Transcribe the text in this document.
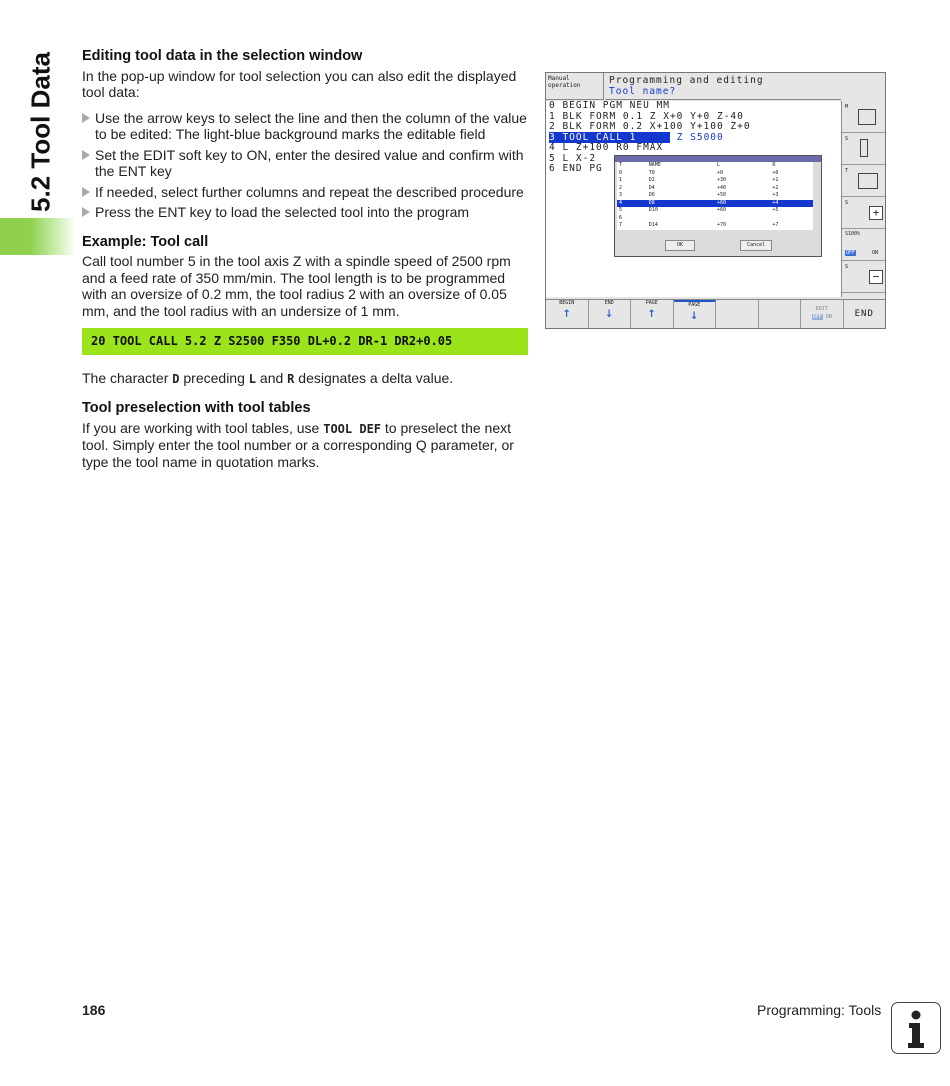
5.2 Tool Data Editing tool data in the selection window

In the pop-up window for tool selection you can also edit the displayed tool data:

Use the arrow keys to select the line and then the column of the value to be edited: The light-blue background marks the editable field
Set the EDIT soft key to ON, enter the desired value and confirm with the ENT key
If needed, select further columns and repeat the described procedure
Press the ENT key to load the selected tool into the program
Example: Tool call

Call tool number 5 in the tool axis Z with a spindle speed of 2500 rpm and a feed rate of 350 mm/min. The tool length is to be programmed with an oversize of 0.2 mm, the tool radius 2 with an oversize of 0.05 mm, and the tool radius with an undersize of 1 mm.

20 TOOL CALL 5.2 Z S2500 F350 DL+0.2 DR-1 DR2+0.05

The character D preceding L and R designates a delta value.

Tool preselection with tool tables

If you are working with tool tables, use TOOL DEF to preselect the next tool. Simply enter the tool number or a corresponding Q parameter, or type the tool name in quotation marks.

Manual
operation	Programming and editing
Tool name?
0 BEGIN PGM NEU MM
1 BLK FORM 0.1 Z X+0 Y+0 Z-40
2 BLK FORM 0.2 X+100 Y+100 Z+0
3 TOOL CALL 1	Z S5000
4 L Z+100 R0 FMAX
5 L X-2
6 END PG	T	NAME	L	R
0	T0	+0	+0
1	D2	+30	+1
2	D4	+40	+2
3	D6	+50	+3
4	D8	+60	+4
5	D10	+60	+5
6			
7	D14	+70	+7
OK	Cancel
M
S
T
S
+
S100%
OFF	ON
S
−
BEGIN
↑
END
↓
PAGE
↑	PAGE
↓	EDIT
OFF ON	END
186	Programming: Tools
